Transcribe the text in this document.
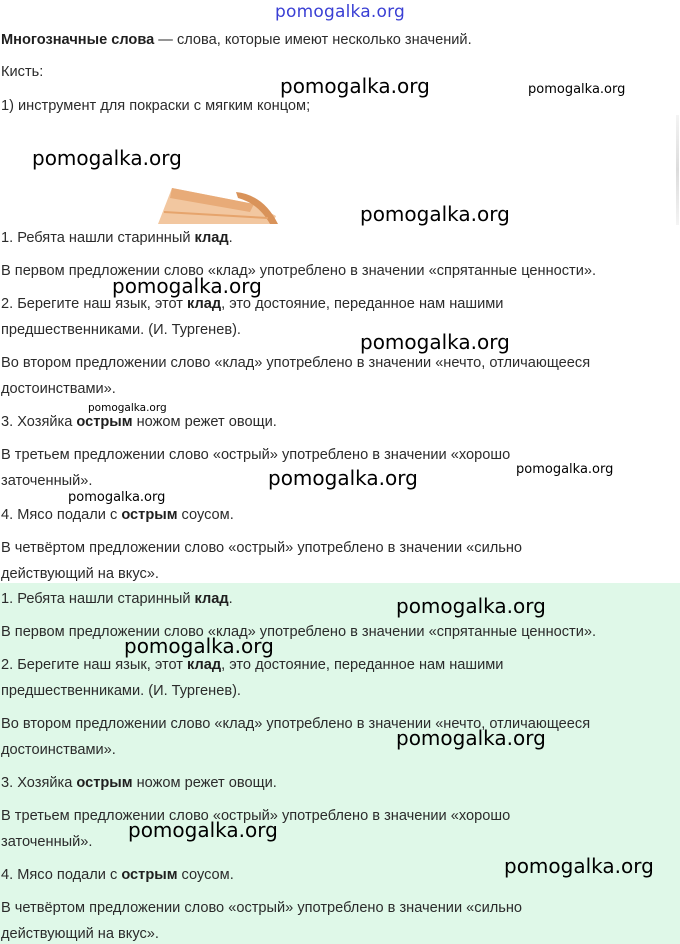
pomogalka.org
Многозначные слова — слова, которые имеют несколько значений.
Кисть:
1) инструмент для покраски с мягким концом;
1. Ребята нашли старинный клад.
В первом предложении слово «клад» употреблено в значении «спрятанные ценности».
2. Берегите наш язык, этот клад, это достояние, переданное нам нашими
предшественниками. (И. Тургенев).
Во втором предложении слово «клад» употреблено в значении «нечто, отличающееся
достоинствами».
3. Хозяйка острым ножом режет овощи.
В третьем предложении слово «острый» употреблено в значении «хорошо
заточенный».
4. Мясо подали с острым соусом.
В четвёртом предложении слово «острый» употреблено в значении «сильно
действующий на вкус».
1. Ребята нашли старинный клад.
В первом предложении слово «клад» употреблено в значении «спрятанные ценности».
2. Берегите наш язык, этот клад, это достояние, переданное нам нашими
предшественниками. (И. Тургенев).
Во втором предложении слово «клад» употреблено в значении «нечто, отличающееся
достоинствами».
3. Хозяйка острым ножом режет овощи.
В третьем предложении слово «острый» употреблено в значении «хорошо
заточенный».
4. Мясо подали с острым соусом.
В четвёртом предложении слово «острый» употреблено в значении «сильно
действующий на вкус».
pomogalka.org	pomogalka.org
pomogalka.org
pomogalka.org
pomogalka.org
pomogalka.org
pomogalka.org
pomogalka.org	pomogalka.org
pomogalka.org
pomogalka.org
pomogalka.org
pomogalka.org
pomogalka.org
pomogalka.org
